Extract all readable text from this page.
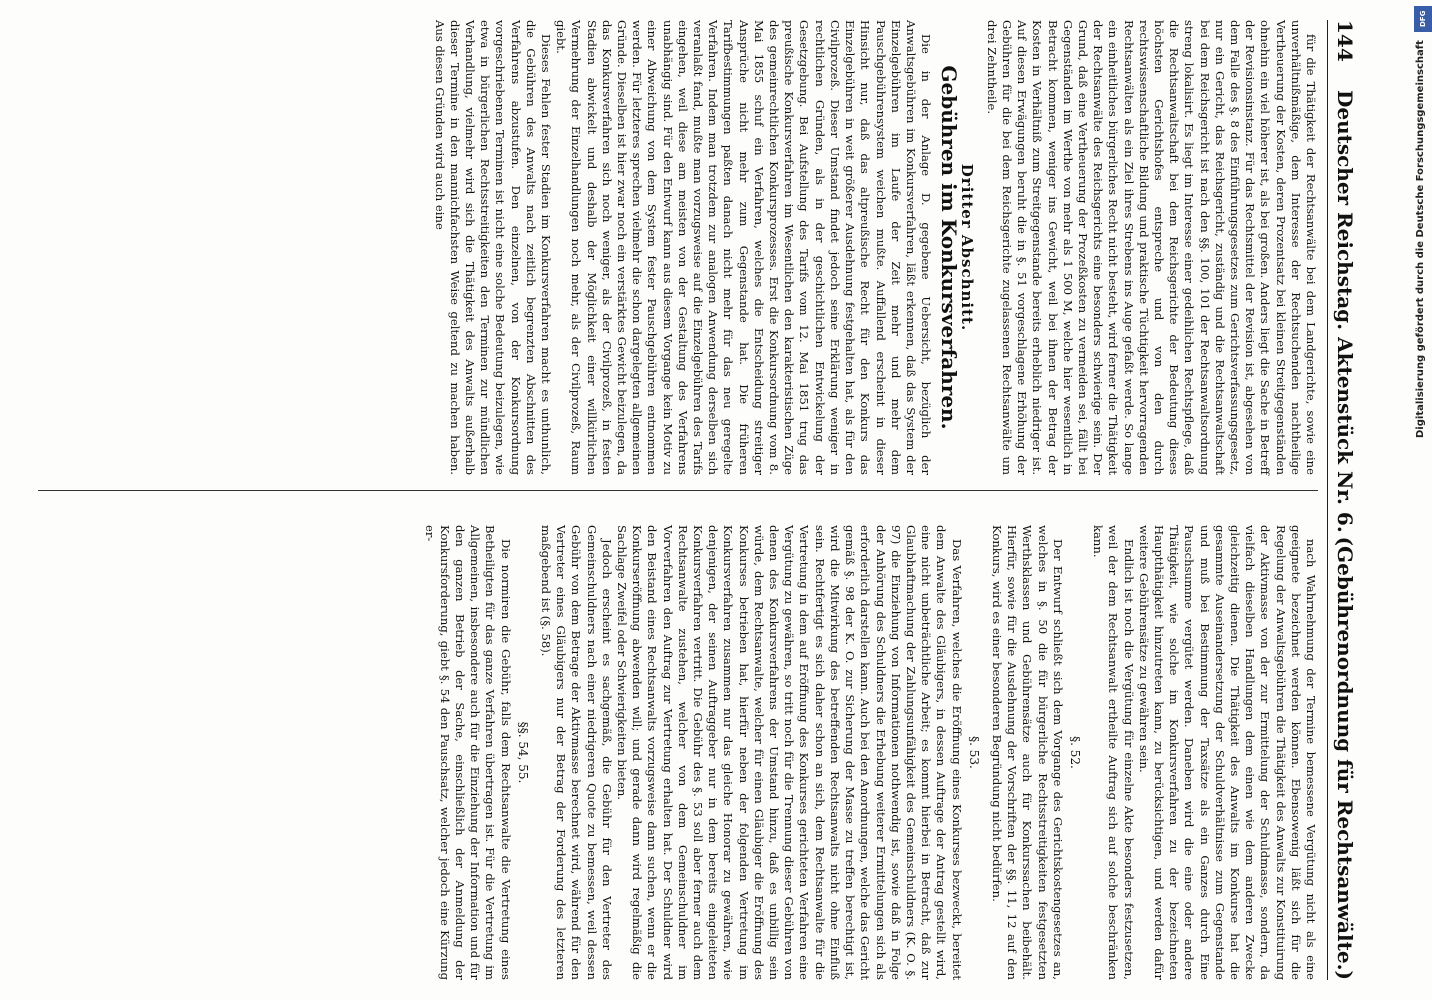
144
Deutscher Reichstag. Aktenstück Nr. 6.
(Gebührenordnung für Rechtsanwälte.)

für die Thätigkeit der Rechtsanwälte bei dem Landgerichte, sowie eine unverhältnißmäßige, dem Interesse der Rechtsuchenden nachtheilige Vertheuerung der Kosten, deren Prozentsatz bei kleinen Streitgegenständen ohnehin ein viel höherer ist, als bei großen. Anders liegt die Sache in Betreff der Revisionsinstanz. Für das Rechtsmittel der Revision ist, abgesehen von dem Falle des §. 8 des Einführungsgesetzes zum Gerichtsverfassungsgesetz, nur ein Gericht, das Reichsgericht, zuständig und die Rechtsanwaltschaft bei dem Reichsgericht ist nach den §§. 100, 101 der Rechtsanwaltsordnung streng lokalisirt. Es liegt im Interesse einer gedeihlichen Rechtspflege, daß die Rechtsanwaltschaft bei dem Reichsgerichte der Bedeutung dieses höchsten Gerichtshofes entspreche und von den durch rechtswissenschaftliche Bildung und praktische Tüchtigkeit hervorragenden Rechtsanwälten als ein Ziel ihres Strebens ins Auge gefaßt werde. So lange ein einheitliches bürgerliches Recht nicht besteht, wird ferner die Thätigkeit der Rechtsanwälte des Reichsgerichts eine besonders schwierige sein. Der Grund, daß eine Vertheuerung der Prozeßkosten zu vermeiden sei, fällt bei Gegenständen im Werthe von mehr als 1 500 M, welche hier wesentlich in Betracht kommen, weniger ins Gewicht, weil bei ihnen der Betrag der Kosten in Verhältniß zum Streitgegenstande bereits erheblich niedriger ist. Auf diesen Erwägungen beruht die in §. 51 vorgeschlagene Erhöhung der Gebühren für die bei dem Reichsgerichte zugelassenen Rechtsanwälte um drei Zehntheile.

Dritter Abschnitt.
Gebühren im Konkursverfahren.

Die in der Anlage D. gegebene Uebersicht, bezüglich der Anwaltsgebühren im Konkursverfahren, läßt erkennen, daß das System der Einzelgebühren im Laufe der Zeit mehr und mehr dem Pauschgebührensystem weichen mußte. Auffallend erscheint in dieser Hinsicht nur, daß das altpreußische Recht für den Konkurs das Einzelgebühren in weit größerer Ausdehnung festgehalten hat, als für den Civilprozeß. Dieser Umstand findet jedoch seine Erklärung weniger in rechtlichen Gründen, als in der geschichtlichen Entwickelung der Gesetzgebung. Bei Aufstellung des Tarifs vom 12. Mai 1851 trug das preußische Konkursverfahren im Wesentlichen den karakteristischen Züge des gemeinrechtlichen Konkursprozesses. Erst die Konkursordnung vom 8. Mai 1855 schuf ein Verfahren, welches die Entscheidung streitiger Ansprüche nicht mehr zum Gegenstande hat. Die früheren Tarifbestimmungen paßten danach nicht mehr für das neu geregelte Verfahren. Indem man trotzdem zur analogen Anwendung derselben sich veranlaßt fand, mußte man vorzugsweise auf die Einzelgebühren des Tarifs eingehen, weil diese am meisten von der Gestaltung des Verfahrens unabhängig sind. Für den Entwurf kann aus diesem Vorgange kein Motiv zu einer Abweichung von dem System fester Pauschgebühren entnommen werden. Für letzteres sprechen vielmehr die schon dargelegten allgemeinen Gründe. Dieselben ist hier zwar noch ein verstärktes Gewicht beizulegen, da das Konkursverfahren sich noch weniger, als der Civilprozeß, in festen Stadien abwickelt und deshalb der Möglichkeit einer willkürlichen Vermehrung der Einzelhandlungen noch mehr, als der Civilprozeß, Raum giebt.

Dieses Fehlen fester Stadien im Konkursverfahren macht es unthunlich, die Gebühren des Anwalts nach zeitlich begrenzten Abschnitten des Verfahrens abzustufen. Den einzelnen, von der Konkursordnung vorgeschriebenen Terminen ist nicht eine solche Bedeutung beizulegen, wie etwa in bürgerlichen Rechtsstreitigkeiten den Terminen zur mündlichen Verhandlung, vielmehr wird sich die Thätigkeit des Anwalts außerhalb dieser Termine in den mannichfachsten Weise geltend zu machen haben. Aus diesen Gründen wird auch eine

nach Wahrnehmung der Termine bemessene Vergütung nicht als eine geeignete bezeichnet werden können. Ebensowenig läßt sich für die Regelung der Anwaltsgebühren die Thätigkeit des Anwalts zur Konstituirung der Aktivmasse von der zur Ermittelung der Schuldmasse, sondern, da vielfach dieselben Handlungen dem einen wie dem anderen Zwecke gleichzeitig dienen. Die Thätigkeit des Anwalts im Konkurse hat die gesammte Auseinandersetzung der Schuldverhältnisse zum Gegenstande und muß bei Bestimmung der Taxsätze als ein Ganzes durch Eine Pauschsumme vergütet werden. Daneben wird die eine oder andere Thätigkeit, wie solche im Konkursverfahren zu der bezeichneten Hauptthätigkeit hinzutreten kann, zu berücksichtigen, und werden dafür weitere Gebührensätze zu gewähren sein.

Endlich ist noch die Vergütung für einzelne Akte besonders festzusetzen, weil der dem Rechtsanwalt ertheilte Auftrag sich auf solche beschränken kann.

§. 52.

Der Entwurf schließt sich dem Vorgange des Gerichtskostengesetzes an, welches in §. 50 die für bürgerliche Rechtsstreitigkeiten festgesetzten Werthsklassen und Gebührensätze auch für Konkurssachen beibehält. Hierfür, sowie für die Ausdehnung der Vorschriften der §§. 11, 12 auf den Konkurs, wird es einer besonderen Begründung nicht bedürfen.

§. 53.

Das Verfahren, welches die Eröffnung eines Konkurses bezweckt, bereitet dem Anwalte des Gläubigers, in dessen Auftrage der Antrag gestellt wird, eine nicht unbeträchtliche Arbeit; es kommt hierbei in Betracht, daß zur Glaubhaftmachung der Zahlungsunfähigkeit des Gemeinschuldners (K. O. §. 97) die Einziehung von Informationen nothwendig ist, sowie daß in Folge der Anhörung des Schuldners die Erhebung weiterer Ermittelungen sich als erforderlich darstellen kann. Auch bei den Anordnungen, welche das Gericht gemäß §. 98 der K. O. zur Sicherung der Masse zu treffen berechtigt ist, wird die Mitwirkung des betreffenden Rechtsanwalts nicht ohne Einfluß sein. Rechtfertigt es sich daher schon an sich, dem Rechtsanwalte für die Vertretung in dem auf Eröffnung des Konkurses gerichteten Verfahren eine Vergütung zu gewähren, so tritt noch für die Trennung dieser Gebühren von denen des Konkursverfahrens der Umstand hinzu, daß es unbillig sein würde, dem Rechtsanwalte, welcher für einen Gläubiger die Eröffnung des Konkurses betrieben hat, hierfür neben der folgenden Vertretung im Konkursverfahren zusammen nur das gleiche Honorar zu gewähren, wie denjenigen, der seinen Auftraggeber nur in dem bereits eingeleiteten Konkursverfahren vertritt. Die Gebühr des §. 53 soll aber ferner auch dem Rechtsanwalte zustehen, welcher von dem Gemeinschuldner im Vorverfahren den Auftrag zur Vertretung erhalten hat. Der Schuldner wird den Beistand eines Rechtsanwalts vorzugsweise dann suchen, wenn er die Konkurseröffnung abwenden will; und gerade dann wird regelmäßig die Sachlage Zweifel oder Schwierigkeiten bieten.

Jedoch erscheint es sachgemäß, die Gebühr für den Vertreter des Gemeinschuldners nach einer niedrigeren Quote zu bemessen, weil dessen Gebühr von dem Betrage der Aktivmasse berechnet wird, während für den Vertreter eines Gläubigers nur der Betrag der Forderung des letzteren maßgebend ist (§. 58).

§§. 54, 55.

Die normiren die Gebühr, falls dem Rechtsanwalte die Vertretung eines Betheiligten für das ganze Verfahren übertragen ist. Für die Vertretung im Allgemeinen, insbesondere auch für die Einziehung der Information und für den ganzen Betrieb der Sache, einschließlich der Anmeldung der Konkursforderung, giebt §. 54 den Pauschsatz, welcher jedoch eine Kürzung er-

DFG
Digitalisierung gefördert durch die Deutsche Forschungsgemeinschaft
